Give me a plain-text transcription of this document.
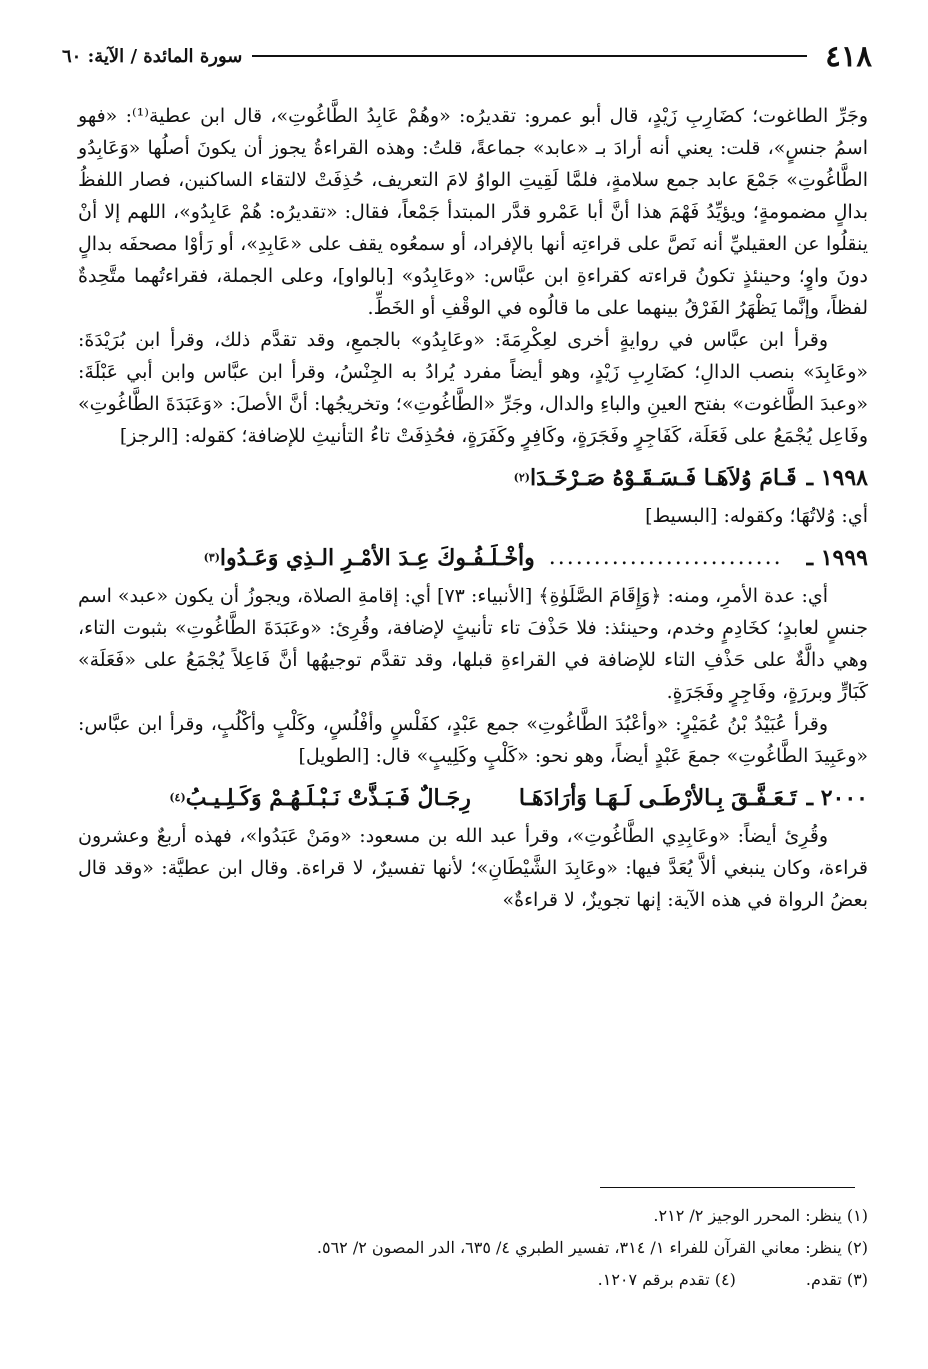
٤١٨
سورة المائدة / الآية: ٦٠

وجَرِّ الطاغوت؛ كضَارِبِ زَيْدٍ، قال أبو عمرو: تقديرُه: «وهُمْ عَابِدُ الطَّاغُوتِ»، قال ابن عطية⁽¹⁾: «فهو اسمُ جنسٍ»، قلت: يعني أنه أرادَ بـ «عابد» جماعةً، قلتُ: وهذه القراءةُ يجوز أن يكونَ أصلُها «وَعَابِدُو الطَّاغُوتِ» جَمْعَ عابد جمع سلامةٍ، فلمَّا لَقِيتِ الواوُ لامَ التعريف، حُذِفَتْ لالتقاء الساكنين، فصار اللفظُ بدالٍ مضمومةٍ؛ ويؤيِّدُ فَهْمَ هذا أنَّ أبا عَمْرو قدَّر المبتدأ جَمْعاً، فقال: «تقديرُه: هُمْ عَابِدُو»، اللهم إلا أنْ ينقلُوا عن العقيليِّ أنه نَصَّ على قراءتِه أنها بالإفراد، أو سمعُوه يقف على «عَابِدِ»، أو رَأوْا مصحفَه بدالٍ دونَ واوٍ؛ وحينئذٍ تكونُ قراءته كقراءةِ ابن عبَّاس: «وعَابِدُو» [بالواو]، وعلى الجملة، فقراءتُهما متَّحِدةٌ لفظاً، وإنَّما يَظْهَرُ الفَرْقُ بينهما على ما قالُوه في الوقْفِ أو الخَطِّ.

وقرأ ابن عبَّاس في روايةٍ أخرى لعِكْرِمَةَ: «وعَابِدُو» بالجمعِ، وقد تقدَّم ذلك، وقرأ ابن بُرَيْدَةَ: «وعَابِدَ» بنصب الدالِ؛ كضَارِبِ زَيْدٍ، وهو أيضاً مفرد يُرادُ به الجِنْسُ، وقرأ ابن عبَّاس وابن أبي عَبْلَةَ: «وعبدَ الطَّاغوت» بفتح العينِ والباءِ والدال، وجَرِّ «الطَّاغُوتِ»؛ وتخريجُها: أنَّ الأصلَ: «وَعَبَدَةَ الطَّاغُوتِ» وفَاعِل يُجْمَعُ على فَعَلَة، كَفَاجِرٍ وفَجَرَةٍ، وكَافِرٍ وكَفَرَةٍ، فحُذِفَتْ تاءُ التأنيثِ للإضافة؛ كقوله: [الرجز]

١٩٩٨ ـ
قَـامَ وُلاَهَـا فَـسَـقَـوْهُ صَـرْخَـدَا
(٢)

أي: وُلاتُهَا؛ وكقوله: [البسيط]

١٩٩٩ ـ
..........................
وأخْـلَـفُـوكَ عِـدَ الأمْـرِ الـذِي وَعَـدُوا
(٣)

أي: عدة الأمرِ، ومنه: ﴿وَإِقَامَ الصَّلَوٰةِ﴾ [الأنبياء: ٧٣] أي: إقامةِ الصلاة، ويجوزُ أن يكون «عبد» اسم جنسٍ لعابدٍ؛ كخَادِمٍ وخدم، وحينئذ: فلا حَذْفَ تاء تأنيثٍ لإضافة، وقُرِئ: «وعَبَدَةَ الطَّاغُوتِ» بثبوت التاء، وهي دالَّةٌ على حَذْفِ التاء للإضافة في القراءةِ قبلها، وقد تقدَّم توجيهُها أنَّ فَاعِلاً يُجْمَعُ على «فَعَلَة» كَبَارٍّ وبررَةٍ، وفَاجِرٍ وفَجَرَةٍ.

وقرأ عُبَيْدُ بْنُ عُمَيْرٍ: «وأعْبُدَ الطَّاغُوتِ» جمع عَبْدٍ، كفَلْسٍ وأفْلُسٍ، وكَلْبٍ وأكْلُبٍ، وقرأ ابن عبَّاس: «وعَبِيدَ الطَّاغُوتِ» جمعَ عَبْدٍ أيضاً، وهو نحو: «كَلْبٍ وكَلِيبٍ» قال: [الطويل]

٢٠٠٠ ـ
تَـعَـفَّـقَ بِـالأرْطَـى لَـهَـا وَأرَادَهَـا
رِجَـالٌ فَـبَـذَّتْ نَـبْـلَـهُـمْ وَكَـلِـيـبُ
(٤)

وقُرِئ أيضاً: «وعَابِدِي الطَّاغُوتِ»، وقرأ عبد الله بن مسعود: «ومَنْ عَبَدُوا»، فهذه أربعٌ وعشرون قراءة، وكان ينبغي ألاَّ يُعَدَّ فيها: «وعَابِدَ الشَّيْطَانِ»؛ لأنها تفسيرٌ، لا قراءة. وقال ابن عطيَّة: «وقد قال بعضُ الرواة في هذه الآية: إنها تجويزٌ، لا قراءةٌ»

(١) ينظر: المحرر الوجيز ٢/ ٢١٢.
(٢) ينظر: معاني القرآن للفراء ١/ ٣١٤، تفسير الطبري ٤/ ٦٣٥، الدر المصون ٢/ ٥٦٢.
(٣) تقدم.
(٤) تقدم برقم ١٢٠٧.
